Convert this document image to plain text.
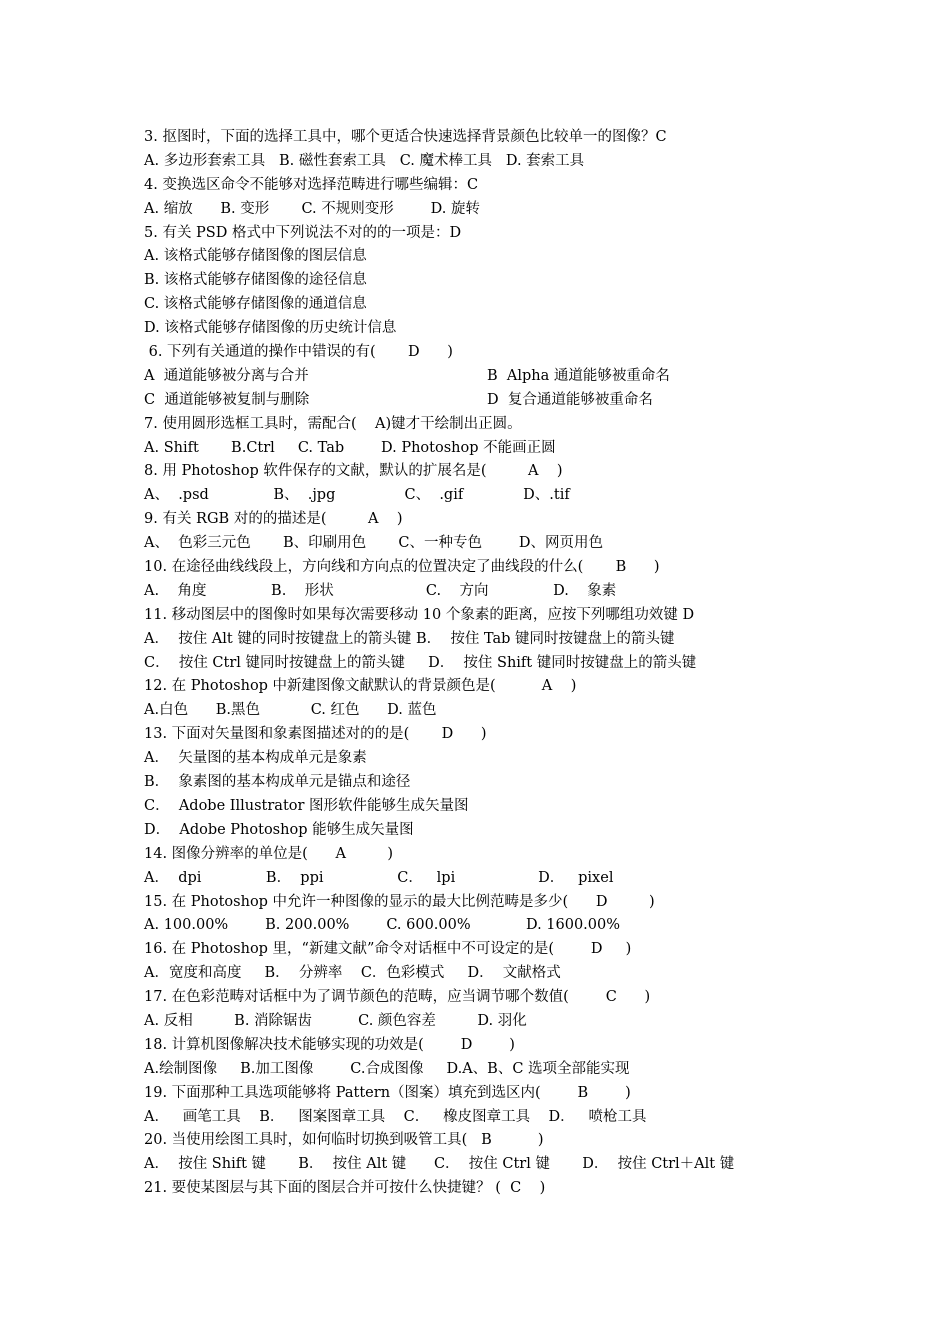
3. 抠图时，下面的选择工具中，哪个更适合快速选择背景颜色比较单一的图像？C
A. 多边形套索工具   B. 磁性套索工具   C. 魔术棒工具   D. 套索工具
4. 变换选区命令不能够对选择范畴进行哪些编辑：C
A. 缩放      B. 变形       C. 不规则变形        D. 旋转
5. 有关 PSD 格式中下列说法不对的的一项是：D
A. 该格式能够存储图像的图层信息
B. 该格式能够存储图像的途径信息
C. 该格式能够存储图像的通道信息
D. 该格式能够存储图像的历史统计信息
6. 下列有关通道的操作中错误的有(       D      )
A  通道能够被分离与合并	B  Alpha 通道能够被重命名
C  通道能够被复制与删除	D  复合通道能够被重命名
7. 使用圆形选框工具时，需配合(    A)键才干绘制出正圆。
A. Shift       B.Ctrl     C. Tab        D. Photoshop 不能画正圆
8. 用 Photoshop 软件保存的文献，默认的扩展名是(         A    )
A、  .psd              B、  .jpg               C、  .gif             D、.tif
9. 有关 RGB 对的的描述是(         A    )
A、  色彩三元色       B、印刷用色       C、一种专色        D、网页用色
10. 在途径曲线线段上，方向线和方向点的位置决定了曲线段的什么(       B      )
A.    角度              B.    形状                    C.    方向              D.    象素
11. 移动图层中的图像时如果每次需要移动 10 个象素的距离，应按下列哪组功效键 D
A．  按住 Alt 键的同时按键盘上的箭头键 B．  按住 Tab 键同时按键盘上的箭头键
C．  按住 Ctrl 键同时按键盘上的箭头键     D．  按住 Shift 键同时按键盘上的箭头键
12. 在 Photoshop 中新建图像文献默认的背景颜色是(          A    )
A.白色      B.黑色           C. 红色      D. 蓝色
13. 下面对矢量图和象素图描述对的的是(       D      )
A．  矢量图的基本构成单元是象素
B．  象素图的基本构成单元是锚点和途径
C．  Adobe Illustrator 图形软件能够生成矢量图
D．  Adobe Photoshop 能够生成矢量图
14. 图像分辨率的单位是(      A         )
A．  dpi              B．  ppi                C．   lpi                  D．   pixel
15. 在 Photoshop 中允许一种图像的显示的最大比例范畴是多少(      D         )
A. 100.00%        B. 200.00%        C. 600.00%            D. 1600.00%
16. 在 Photoshop 里，“新建文献”命令对话框中不可设定的是(        D     )
A．宽度和高度     B．  分辨率    C．色彩模式     D．  文献格式
17. 在色彩范畴对话框中为了调节颜色的范畴，应当调节哪个数值(        C      )
A. 反相         B. 消除锯齿          C. 颜色容差         D. 羽化
18. 计算机图像解决技术能够实现的功效是(        D        )
A.绘制图像     B.加工图像        C.合成图像     D.A、B、C 选项全部能实现
19. 下面那种工具选项能够将 Pattern（图案）填充到选区内(        B        )
A．   画笔工具    B．   图案图章工具    C．   橡皮图章工具    D．   喷枪工具
20. 当使用绘图工具时，如何临时切换到吸管工具(   B          )
A．  按住 Shift 键       B．  按住 Alt 键      C．  按住 Ctrl 键       D．  按住 Ctrl＋Alt 键
21. 要使某图层与其下面的图层合并可按什么快捷键？ (  C    )
